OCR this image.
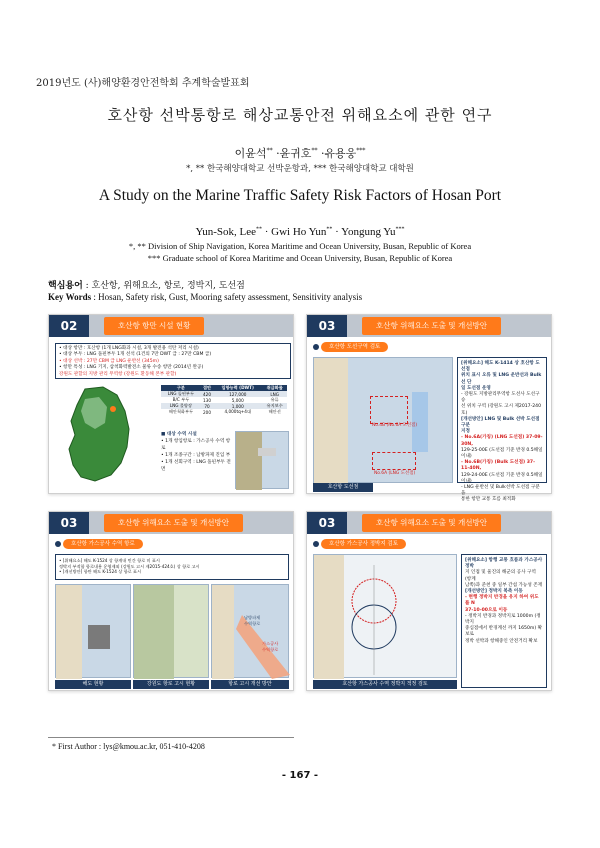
2019년도 (사)해양환경안전학회 추계학술발표회
호산항 선박통항로 해상교통안전 위해요소에 관한 연구
이윤석** ·윤귀호** ·유용웅***
*, ** 한국해양대학교 선박운항과, *** 한국해양대학교 대학원
A Study on the Marine Traffic Safety Risk Factors of Hosan Port
Yun-Sok, Lee** · Gwi Ho Yun** · Yongung Yu***
*, ** Division of Ship Navigation, Korea Maritime and Ocean University, Busan, Republic of Korea
*** Graduate school of Korea Maritime and Ocean University, Busan, Republic of Korea
핵심용어 : 호산항, 위해요소, 항로, 정박지, 도선점
Key Words : Hosan, Safety risk, Gust, Mooring safety assessment, Sensitivity analysis
02	호산항 항만 시설 현황
• 대상 항만 : 호산항 (1개 LNG화과 시설, 3개 발전용 석탄 저리 시설)
• 대상 부두 : LNG 돌핀부두 1개 선석 (1건의 7만 DWT 급 : 27만 CBM 급)
• 대상 선박 : 27만 CBM 급 LNG 운반선 (345m)
• 항만 특성 : LNG 기지, 삼척화력발전소 물류 수송 항만 (2014년 완공)
강원도 관할의 지방 관리 무역항 (강원도 환동해 본부 관할)
구분	접안	입항능력 (DWT)	취급화물
LNG 돌핀부두	420	127,000	LNG
B/C 부두	130	5,000	유류
LNG 물양장	70	1,000	유지보수
해안척화부두	200	4,000tq+4대	해안선
■ 대상 수역 시설
• 1개 항입항로 : 가스공사 수역 항로
• 1개 조종구간 : 남방파제 진입 부
• 1개 선회구역 : LNG 돌핀부두 전면
03	호산항 위해요소 도출 및 개선방안
호산항 도선구역 검토
No.4B (No.6A 도선점)
No.6A (LNG 도선점)
호산항 도선점
[위해요소] 해도 K-1414 상 호산항 도선점
위치 표시 오류 및 LNG 운반선과 Bulk선 단
일 도선점 운영
- 강원도 지방관리무역항 도선사 도선구 승
선 위치 구역 (강원도 고시 제2017-240
호)
[개선방안] LNG 및 Bulk 선박 도선점 구분
지정
- No.6A(가칭) (LNG 도선점) 37-09-30N,
129-25-00E (도선점 기준 반경 0.5해일
이내)
- No.6B(가칭) (Bulk 도선점) 37-11-40N,
129-24-00E (도선점 기준 반경 0.5해일
이내)
- LNG 운반선 및 Bulk선박 도선점 구분을
통한 항만 교통 흐름 최적화
03	호산항 위해요소 도출 및 개선방안
호산항 가스공사 수역 항로
• [위해요소] 해도 K-1524 상 항계내 민간 항로 미 표시
정박지 부적합 항로내용 운영제외 (강원도 고시 제2015-424호) 상 항로 고시
• [개선방안] 항만 해도 K-1524 상 항로 표시
남방파제
수역항로
가스공사
수역항로
해도 현황	강원도 항로 고시 현황	항로 고시 개선 방안
03	호산항 위해요소 도출 및 개선방안
호산항 가스공사 정박지 검토
호산항 가스공사 수역 정박지 적정 검토
[위해요소] 항행 교통 흐름과 가스공사 정박
지 인접 및 울진의 해군의 공사 구역 (항계
남쪽)과 준천 중 일부 간섭 가능성 존재
[개선방안] 정박지 복측 이동
- 현행 정박지 반경을 유지 하여 위도를 N
37-10-00으로 이동
- 정박지 반경과 정박지로 1000m (정박지
중심점에서 반경계선 까지 1650m) 확보로
정박 선박과 항해중인 안전거리 확보
* First Author : lys@kmou.ac.kr, 051-410-4208
- 167 -
